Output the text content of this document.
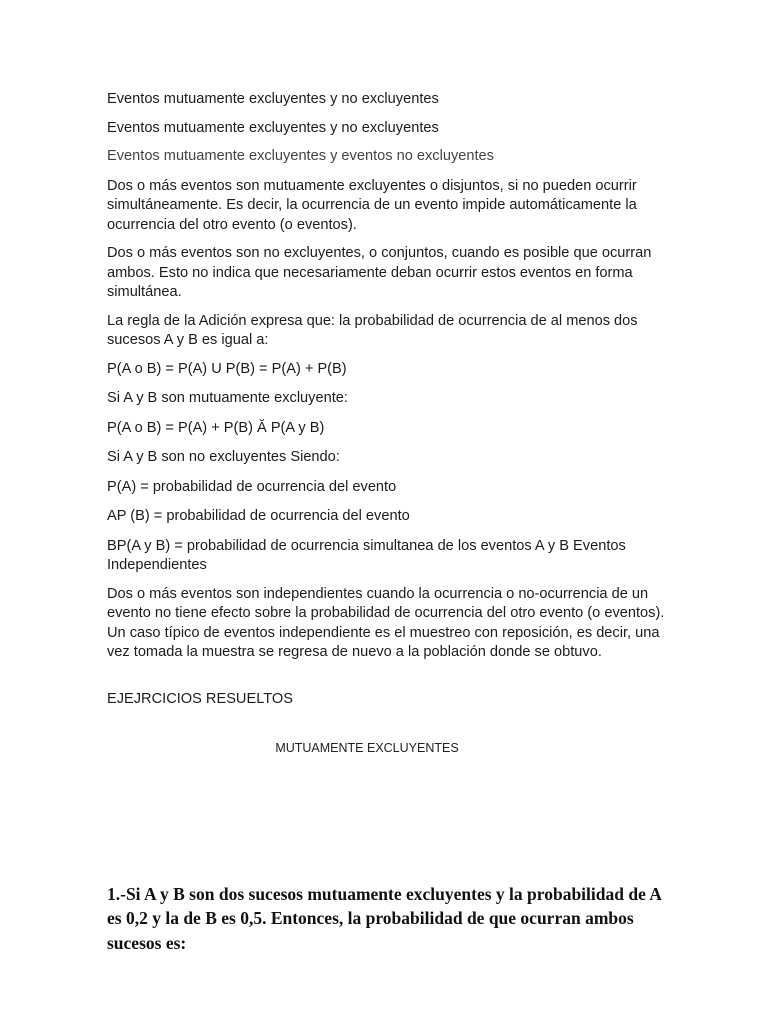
Eventos mutuamente excluyentes y no excluyentes

Eventos mutuamente excluyentes y no excluyentes

Eventos mutuamente excluyentes y eventos no excluyentes

Dos o más eventos son mutuamente excluyentes o disjuntos, si no pueden ocurrir simultáneamente. Es decir, la ocurrencia de un evento impide automáticamente la ocurrencia del otro evento (o eventos).

Dos o más eventos son no excluyentes, o conjuntos, cuando es posible que ocurran ambos. Esto no indica que necesariamente deban ocurrir estos eventos en forma simultánea.

La regla de la Adición expresa que: la probabilidad de ocurrencia de al menos dos sucesos A y B es igual a:

P(A o B) = P(A) U P(B) = P(A) + P(B)

Si A y B son mutuamente excluyente:

P(A o B) = P(A) + P(B) Ă P(A y B)

Si A y B son no excluyentes Siendo:

P(A) = probabilidad de ocurrencia del evento

AP (B) = probabilidad de ocurrencia del evento

BP(A y B) = probabilidad de ocurrencia simultanea de los eventos A y B Eventos Independientes

Dos o más eventos son independientes cuando la ocurrencia o no-ocurrencia de un evento no tiene efecto sobre la probabilidad de ocurrencia del otro evento (o eventos). Un caso típico de eventos independiente es el muestreo con reposición, es decir, una vez tomada la muestra se regresa de nuevo a la población donde se obtuvo.

EJEJRCICIOS RESUELTOS

MUTUAMENTE EXCLUYENTES

1.-Si A y B son dos sucesos mutuamente excluyentes y la probabilidad de A es 0,2 y la de B es 0,5. Entonces, la probabilidad de que ocurran ambos sucesos es:
